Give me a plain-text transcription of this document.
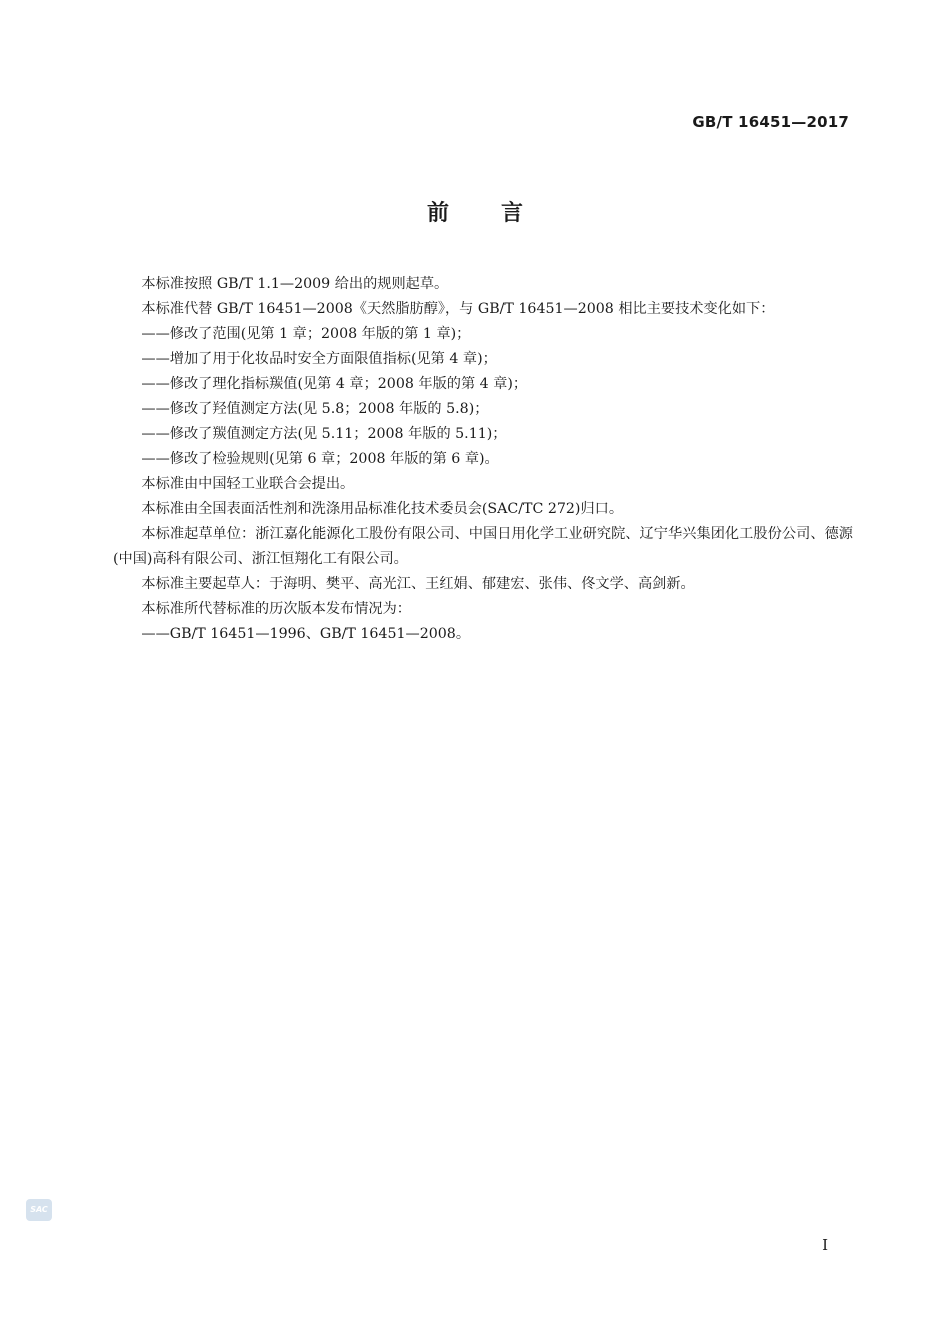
GB/T 16451—2017
前 言

本标准按照 GB/T 1.1—2009 给出的规则起草。

本标准代替 GB/T 16451—2008《天然脂肪醇》，与 GB/T 16451—2008 相比主要技术变化如下：

——修改了范围(见第 1 章；2008 年版的第 1 章)；

——增加了用于化妆品时安全方面限值指标(见第 4 章)；

——修改了理化指标羰值(见第 4 章；2008 年版的第 4 章)；

——修改了羟值测定方法(见 5.8；2008 年版的 5.8)；

——修改了羰值测定方法(见 5.11；2008 年版的 5.11)；

——修改了检验规则(见第 6 章；2008 年版的第 6 章)。

本标准由中国轻工业联合会提出。

本标准由全国表面活性剂和洗涤用品标准化技术委员会(SAC/TC 272)归口。

本标准起草单位：浙江嘉化能源化工股份有限公司、中国日用化学工业研究院、辽宁华兴集团化工股份公司、德源(中国)高科有限公司、浙江恒翔化工有限公司。

本标准主要起草人：于海明、樊平、高光江、王红娟、郁建宏、张伟、佟文学、高剑新。

本标准所代替标准的历次版本发布情况为：

——GB/T 16451—1996、GB/T 16451—2008。

SAC
I
